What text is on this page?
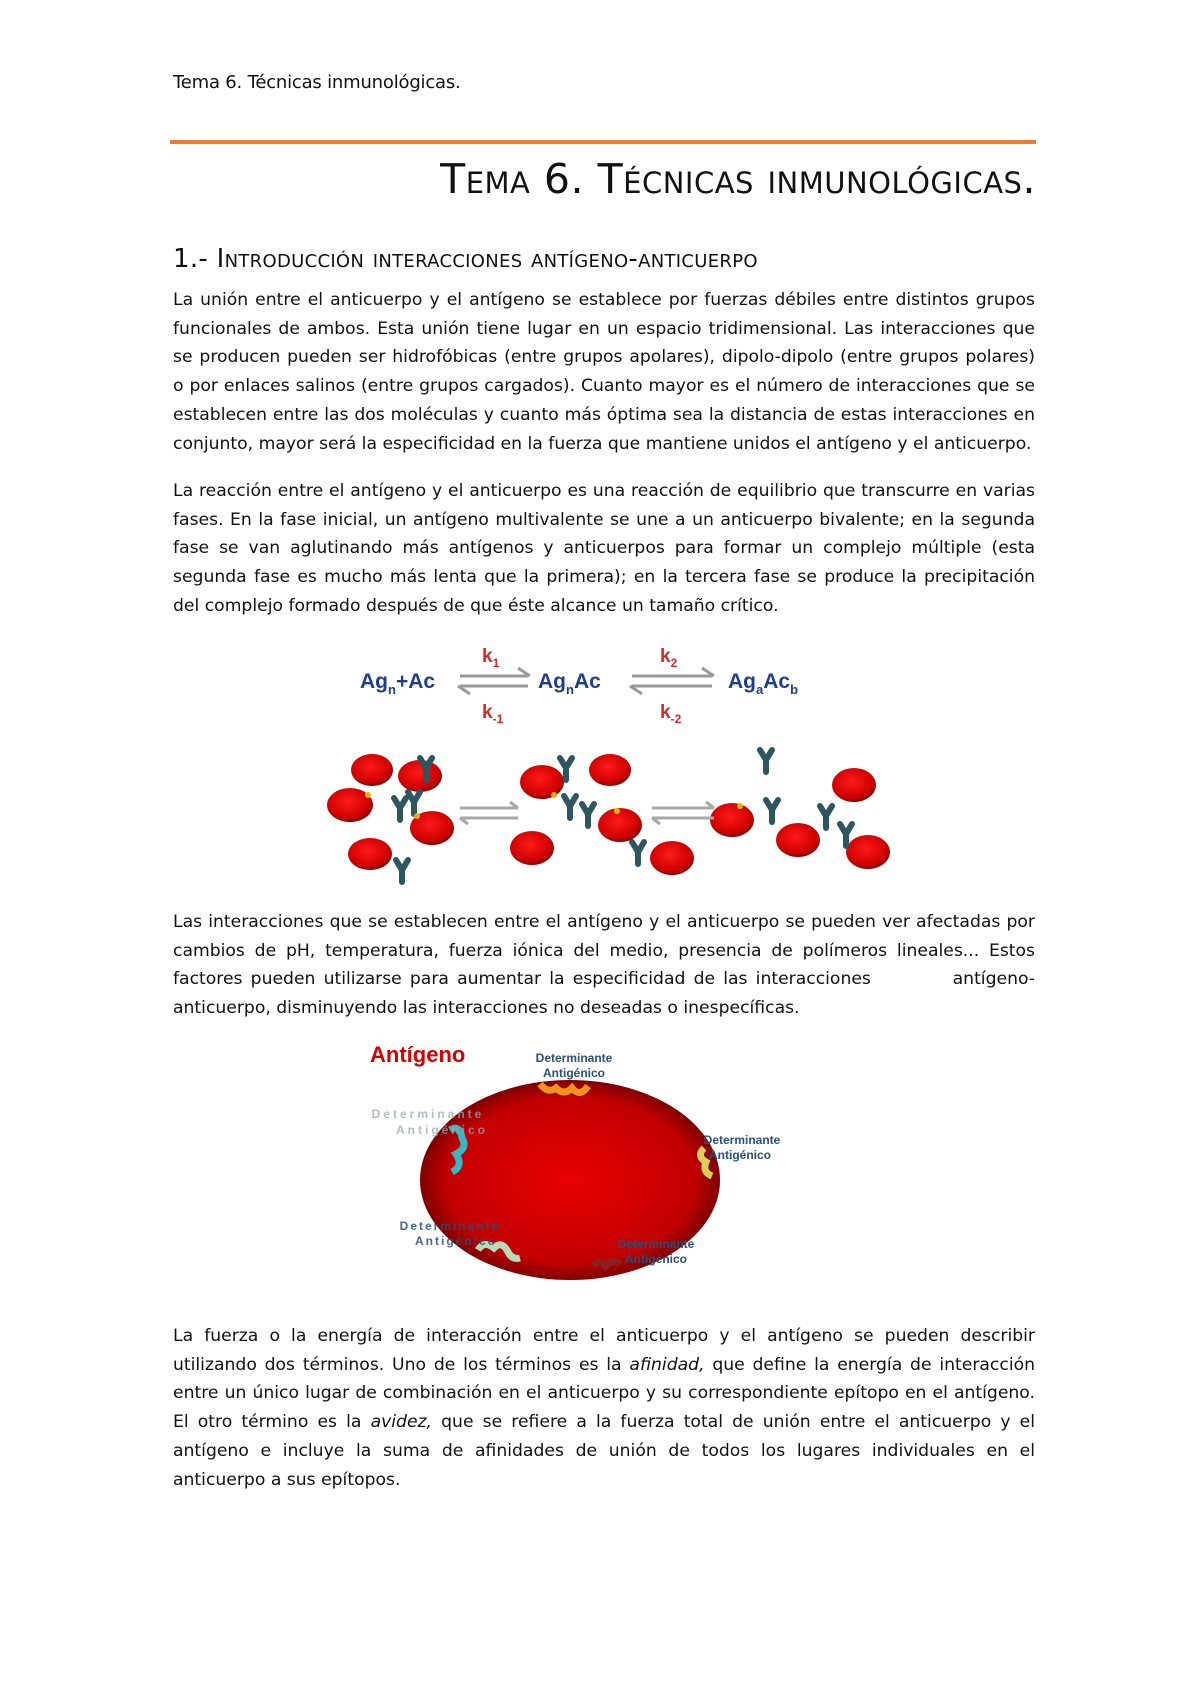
Tema 6. Técnicas inmunológicas.
Tema 6. Técnicas inmunológicas.
1.- Introducción interacciones antígeno-anticuerpo

La unión entre el anticuerpo y el antígeno se establece por fuerzas débiles entre distintos grupos funcionales de ambos. Esta unión tiene lugar en un espacio tridimensional. Las interacciones que se producen pueden ser hidrofóbicas (entre grupos apolares), dipolo-dipolo (entre grupos polares) o por enlaces salinos (entre grupos cargados). Cuanto mayor es el número de interacciones que se establecen entre las dos moléculas y cuanto más óptima sea la distancia de estas interacciones en conjunto, mayor será la especificidad en la fuerza que mantiene unidos el antígeno y el anticuerpo.

La reacción entre el antígeno y el anticuerpo es una reacción de equilibrio que transcurre en varias fases. En la fase inicial, un antígeno multivalente se une a un anticuerpo bivalente; en la segunda fase se van aglutinando más antígenos y anticuerpos para formar un complejo múltiple (esta segunda fase es mucho más lenta que la primera); en la tercera fase se produce la precipitación del complejo formado después de que éste alcance un tamaño crítico.

$Ag_n+Ac$	$Ag_nAc$	$Ag_aAc_b$
$k_1$
$k_{-1}$
$k_2$
$k_{-2}$

Las interacciones que se establecen entre el antígeno y el anticuerpo se pueden ver afectadas por cambios de pH, temperatura, fuerza iónica del medio, presencia de polímeros lineales... Estos factores pueden utilizarse para aumentar la especificidad de las interacciones          antígeno-anticuerpo, disminuyendo las interacciones no deseadas o inespecíficas.

Antígeno	Determinante
Antigénico
Determinante
Antigénico
Determinante
Antigénico
Determinante
Antigénico
Determinante
Antigénico

La fuerza o la energía de interacción entre el anticuerpo y el antígeno se pueden describir utilizando dos términos. Uno de los términos es la afinidad, que define la energía de interacción entre un único lugar de combinación en el anticuerpo y su correspondiente epítopo en el antígeno. El otro término es la avidez, que se refiere a la fuerza total de unión entre el anticuerpo y el antígeno e incluye la suma de afinidades de unión de todos los lugares individuales en el anticuerpo a sus epítopos.
